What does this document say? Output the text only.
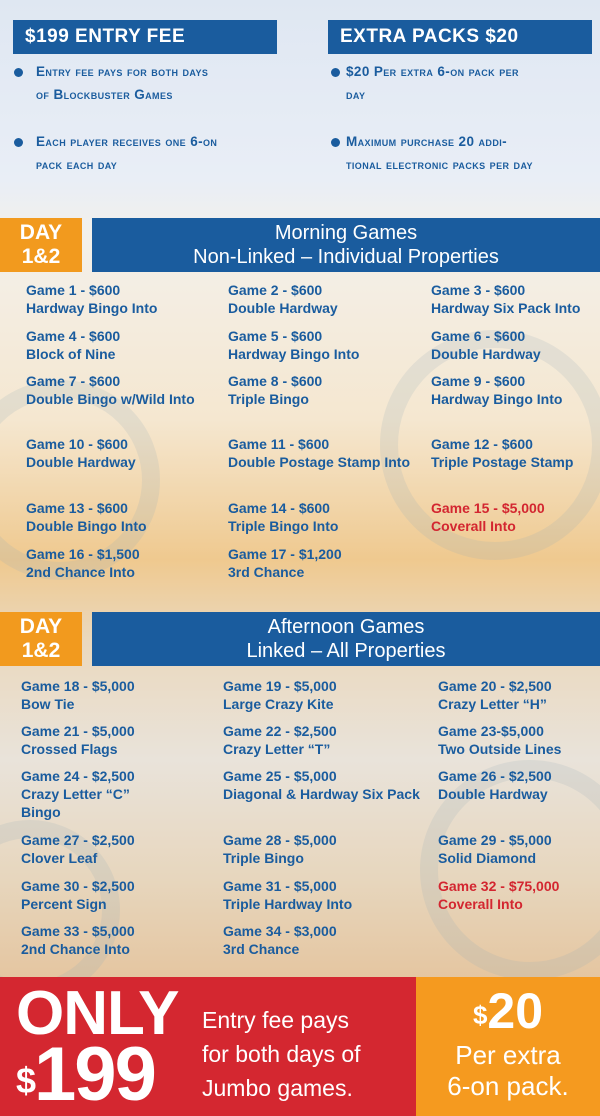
$199 ENTRY FEE	EXTRA PACKS $20
Entry fee pays for both days
of Blockbuster Games
Each player receives one 6-on
pack each day
$20 Per extra 6-on pack per
day
Maximum purchase 20 addi-
tional electronic packs per day
DAY
1&2
Morning Games
Non-Linked – Individual Properties
Game 1 - $600
Hardway Bingo Into
Game 2 - $600
Double Hardway
Game 3 - $600
Hardway Six Pack Into
Game 4 - $600
Block of Nine
Game 5 - $600
Hardway Bingo Into
Game 6 - $600
Double Hardway
Game 7 - $600
Double Bingo w/Wild Into
Game 8 - $600
Triple Bingo
Game 9 - $600
Hardway Bingo Into
Game 10 - $600
Double Hardway
Game 11 - $600
Double Postage Stamp Into
Game 12 - $600
Triple Postage Stamp
Game 13 - $600
Double Bingo Into
Game 14 - $600
Triple Bingo Into
Game 15 - $5,000
Coverall Into
Game 16 - $1,500
2nd Chance Into
Game 17 - $1,200
3rd Chance
DAY
1&2
Afternoon Games
Linked – All Properties
Game 18 - $5,000
Bow Tie
Game 19 - $5,000
Large Crazy Kite
Game 20 - $2,500
Crazy Letter “H”
Game 21 - $5,000
Crossed Flags
Game 22 - $2,500
Crazy Letter “T”
Game 23-$5,000
Two Outside Lines
Game 24 - $2,500
Crazy Letter “C”
Bingo
Game 25 - $5,000
Diagonal & Hardway Six Pack
Game 26 - $2,500
Double Hardway
Game 27 - $2,500
Clover Leaf
Game 28 - $5,000
Triple Bingo
Game 29 - $5,000
Solid Diamond
Game 30 - $2,500
Percent Sign
Game 31 - $5,000
Triple Hardway Into
Game 32 - $75,000
Coverall Into
Game 33 - $5,000
2nd Chance Into
Game 34 - $3,000
3rd Chance
ONLY
$199
Entry fee pays
for both days of
Jumbo games.
$20
Per extra
6-on pack.
